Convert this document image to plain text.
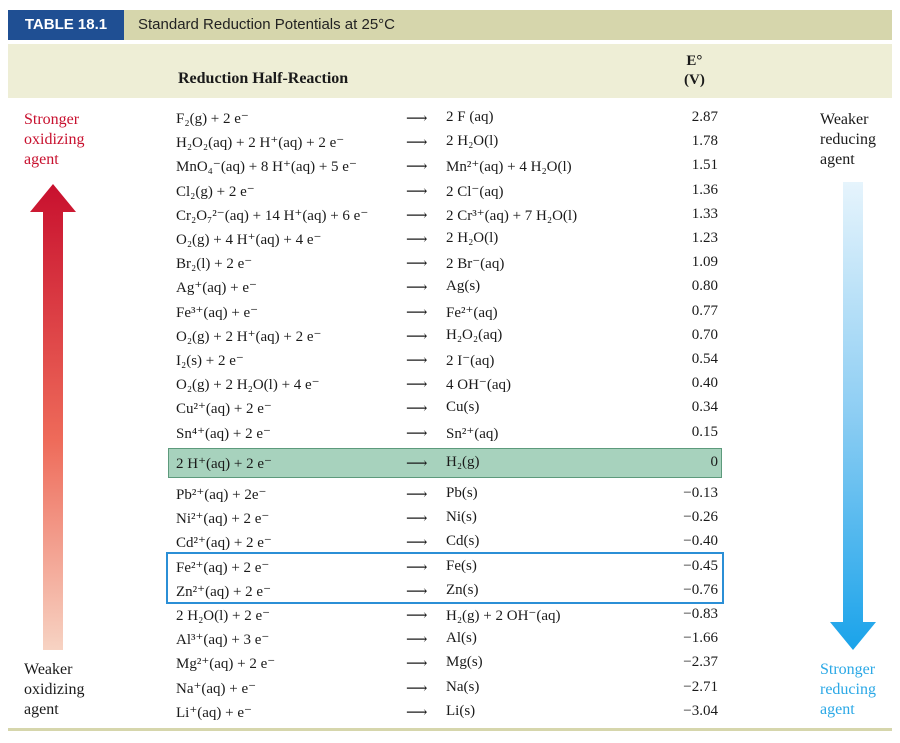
TABLE 18.1	Standard Reduction Potentials at 25°C
Reduction Half-Reaction
E°
(V)
Stronger
oxidizing
agent
Weaker
oxidizing
agent
Weaker
reducing
agent
Stronger
reducing
agent
F₂(g) + 2 e⁻	⟶ 2 F (aq)	2.87
H₂O₂(aq) + 2 H⁺(aq) + 2 e⁻	⟶ 2 H₂O(l)	1.78
MnO₄⁻(aq) + 8 H⁺(aq) + 5 e⁻	⟶ Mn²⁺(aq) + 4 H₂O(l)	1.51
Cl₂(g) + 2 e⁻	⟶ 2 Cl⁻(aq)	1.36
Cr₂O₇²⁻(aq) + 14 H⁺(aq) + 6 e⁻	⟶ 2 Cr³⁺(aq) + 7 H₂O(l)	1.33
O₂(g) + 4 H⁺(aq) + 4 e⁻	⟶ 2 H₂O(l)	1.23
Br₂(l) + 2 e⁻	⟶ 2 Br⁻(aq)	1.09
Ag⁺(aq) + e⁻	⟶ Ag(s)	0.80
Fe³⁺(aq) + e⁻	⟶ Fe²⁺(aq)	0.77
O₂(g) + 2 H⁺(aq) + 2 e⁻	⟶ H₂O₂(aq)	0.70
I₂(s) + 2 e⁻	⟶ 2 I⁻(aq)	0.54
O₂(g) + 2 H₂O(l) + 4 e⁻	⟶ 4 OH⁻(aq)	0.40
Cu²⁺(aq) + 2 e⁻	⟶ Cu(s)	0.34
Sn⁴⁺(aq) + 2 e⁻	⟶ Sn²⁺(aq)	0.15
2 H⁺(aq) + 2 e⁻	⟶ H₂(g)	0
Pb²⁺(aq) + 2e⁻	⟶ Pb(s)	−0.13
Ni²⁺(aq) + 2 e⁻	⟶ Ni(s)	−0.26
Cd²⁺(aq) + 2 e⁻	⟶ Cd(s)	−0.40
Fe²⁺(aq) + 2 e⁻	⟶ Fe(s)	−0.45
Zn²⁺(aq) + 2 e⁻	⟶ Zn(s)	−0.76
2 H₂O(l) + 2 e⁻	⟶ H₂(g) + 2 OH⁻(aq)	−0.83
Al³⁺(aq) + 3 e⁻	⟶ Al(s)	−1.66
Mg²⁺(aq) + 2 e⁻	⟶ Mg(s)	−2.37
Na⁺(aq) + e⁻	⟶ Na(s)	−2.71
Li⁺(aq) + e⁻	⟶ Li(s)	−3.04
